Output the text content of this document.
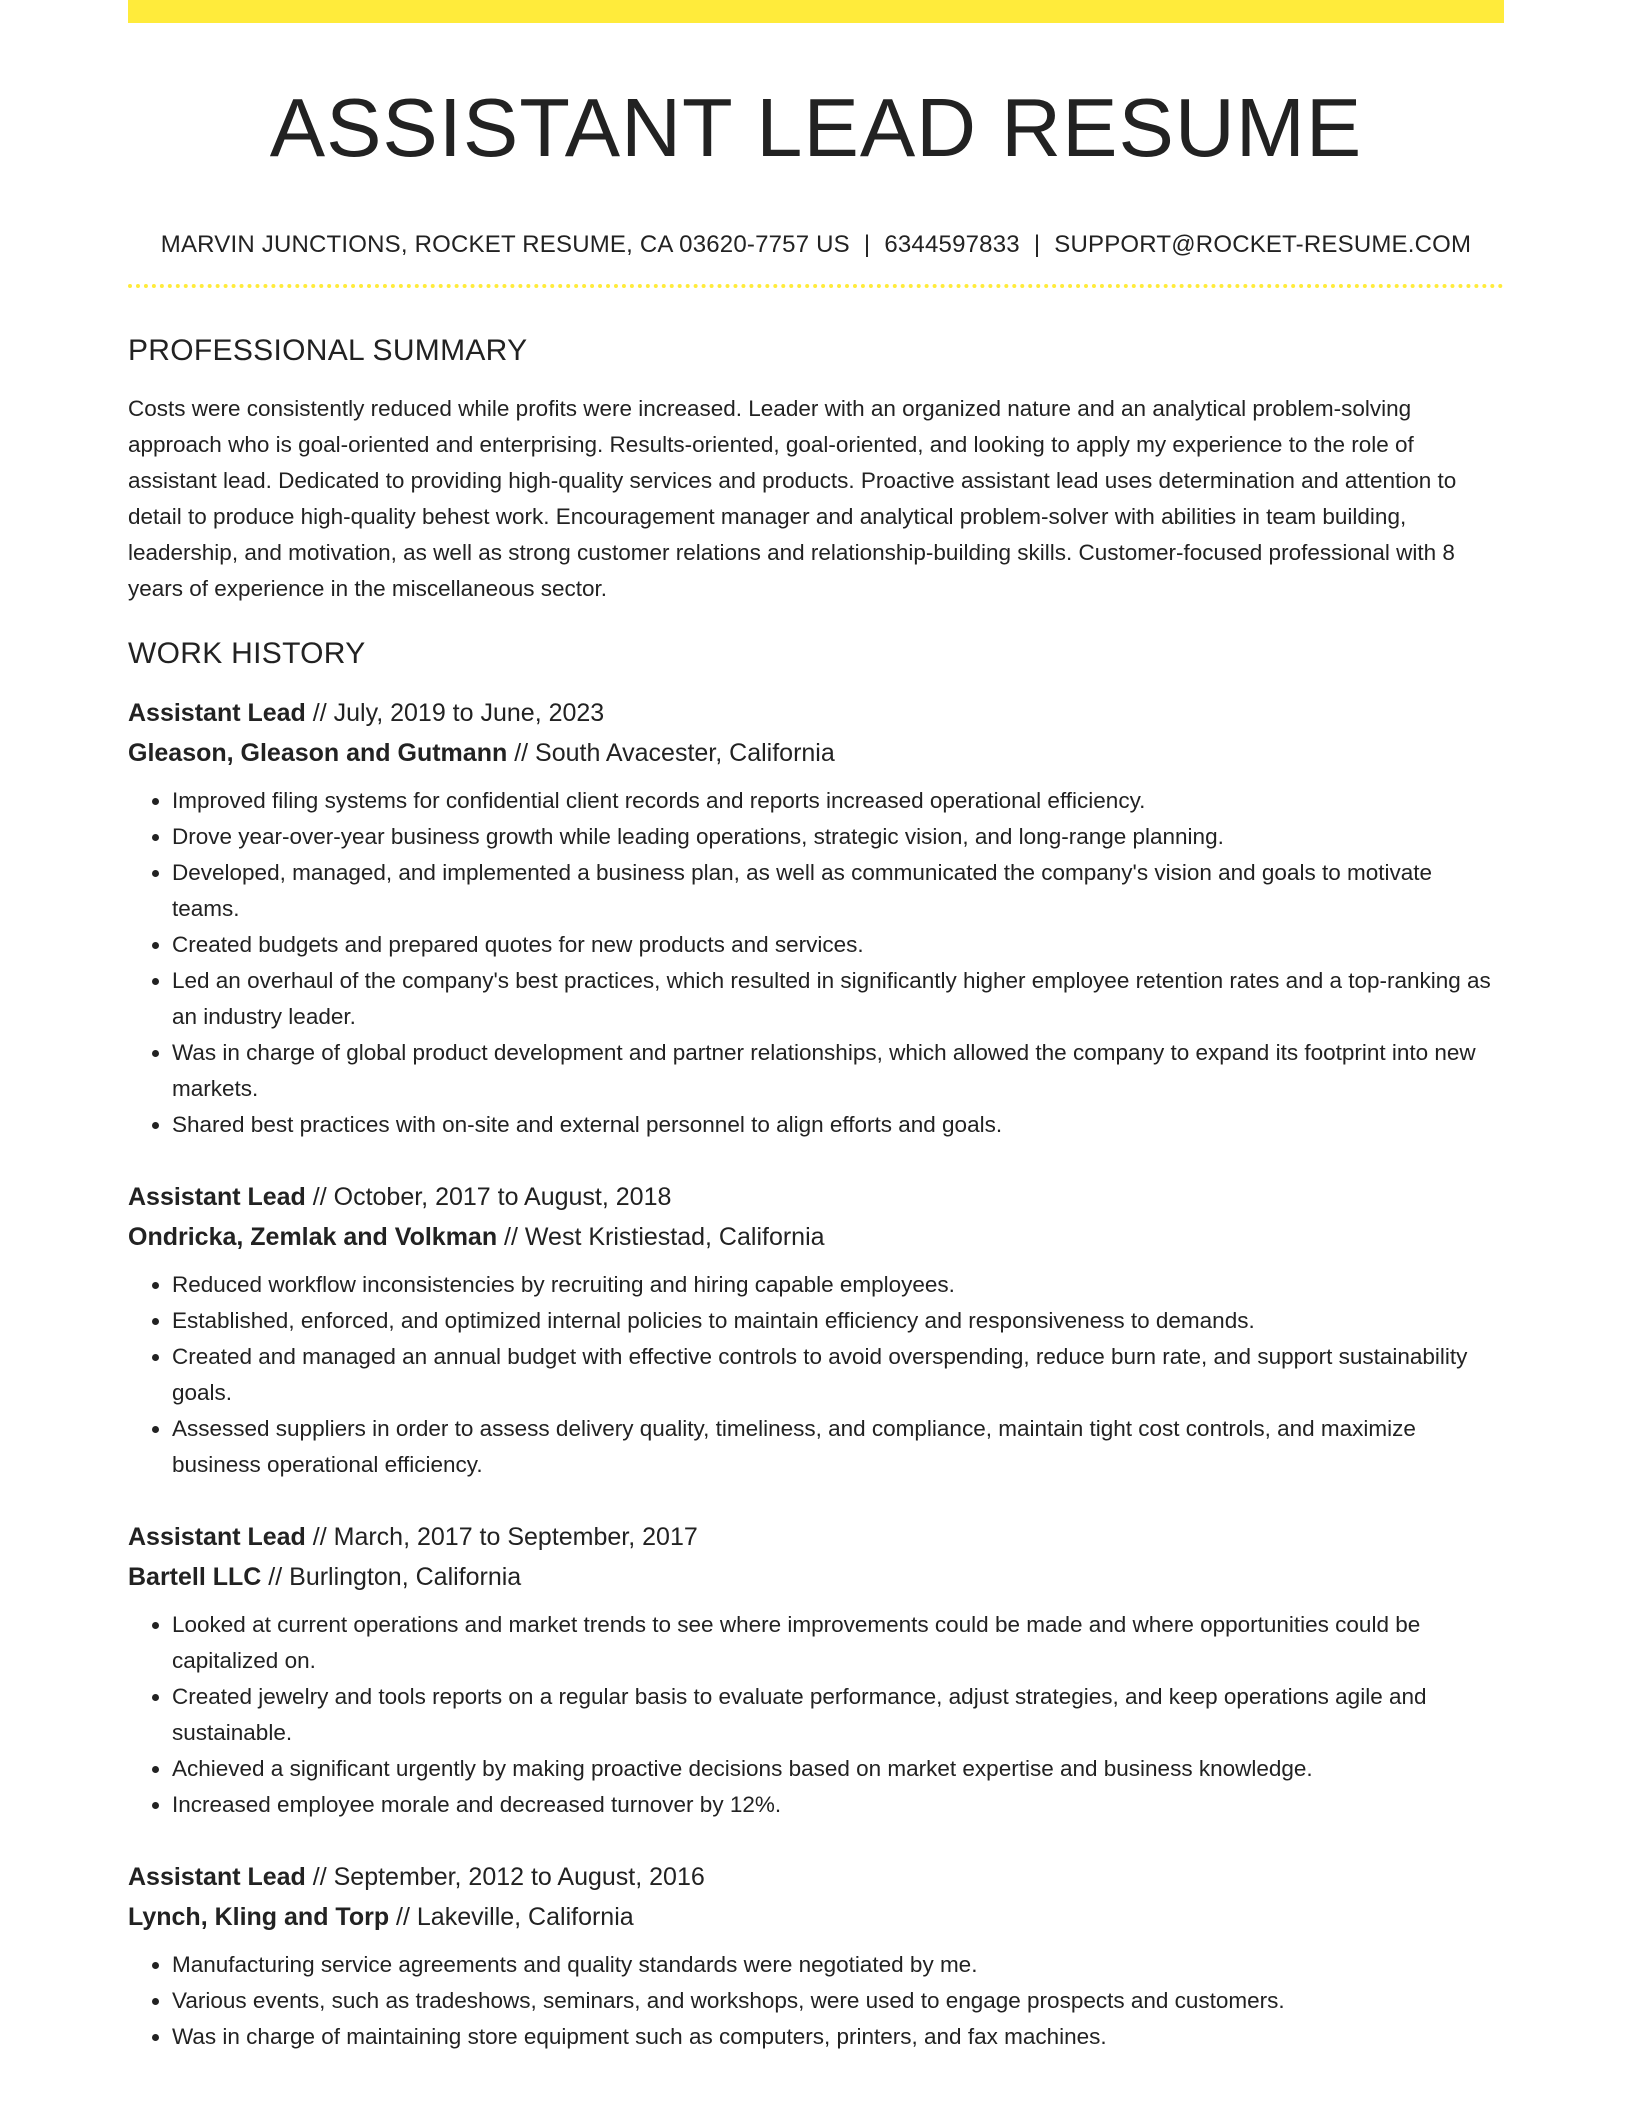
ASSISTANT LEAD RESUME
MARVIN JUNCTIONS, ROCKET RESUME, CA 03620-7757 US | 6344597833 | SUPPORT@ROCKET-RESUME.COM
PROFESSIONAL SUMMARY
Costs were consistently reduced while profits were increased. Leader with an organized nature and an analytical problem-solving approach who is goal-oriented and enterprising. Results-oriented, goal-oriented, and looking to apply my experience to the role of assistant lead. Dedicated to providing high-quality services and products. Proactive assistant lead uses determination and attention to detail to produce high-quality behest work. Encouragement manager and analytical problem-solver with abilities in team building, leadership, and motivation, as well as strong customer relations and relationship-building skills. Customer-focused professional with 8 years of experience in the miscellaneous sector.
WORK HISTORY
Assistant Lead // July, 2019 to June, 2023
Gleason, Gleason and Gutmann // South Avacester, California
• Improved filing systems for confidential client records and reports increased operational efficiency.
• Drove year-over-year business growth while leading operations, strategic vision, and long-range planning.
• Developed, managed, and implemented a business plan, as well as communicated the company's vision and goals to motivate teams.
• Created budgets and prepared quotes for new products and services.
• Led an overhaul of the company's best practices, which resulted in significantly higher employee retention rates and a top-ranking as an industry leader.
• Was in charge of global product development and partner relationships, which allowed the company to expand its footprint into new markets.
• Shared best practices with on-site and external personnel to align efforts and goals.
Assistant Lead // October, 2017 to August, 2018
Ondricka, Zemlak and Volkman // West Kristiestad, California
• Reduced workflow inconsistencies by recruiting and hiring capable employees.
• Established, enforced, and optimized internal policies to maintain efficiency and responsiveness to demands.
• Created and managed an annual budget with effective controls to avoid overspending, reduce burn rate, and support sustainability goals.
• Assessed suppliers in order to assess delivery quality, timeliness, and compliance, maintain tight cost controls, and maximize business operational efficiency.
Assistant Lead // March, 2017 to September, 2017
Bartell LLC // Burlington, California
• Looked at current operations and market trends to see where improvements could be made and where opportunities could be capitalized on.
• Created jewelry and tools reports on a regular basis to evaluate performance, adjust strategies, and keep operations agile and sustainable.
• Achieved a significant urgently by making proactive decisions based on market expertise and business knowledge.
• Increased employee morale and decreased turnover by 12%.
Assistant Lead // September, 2012 to August, 2016
Lynch, Kling and Torp // Lakeville, California
• Manufacturing service agreements and quality standards were negotiated by me.
• Various events, such as tradeshows, seminars, and workshops, were used to engage prospects and customers.
• Was in charge of maintaining store equipment such as computers, printers, and fax machines.
